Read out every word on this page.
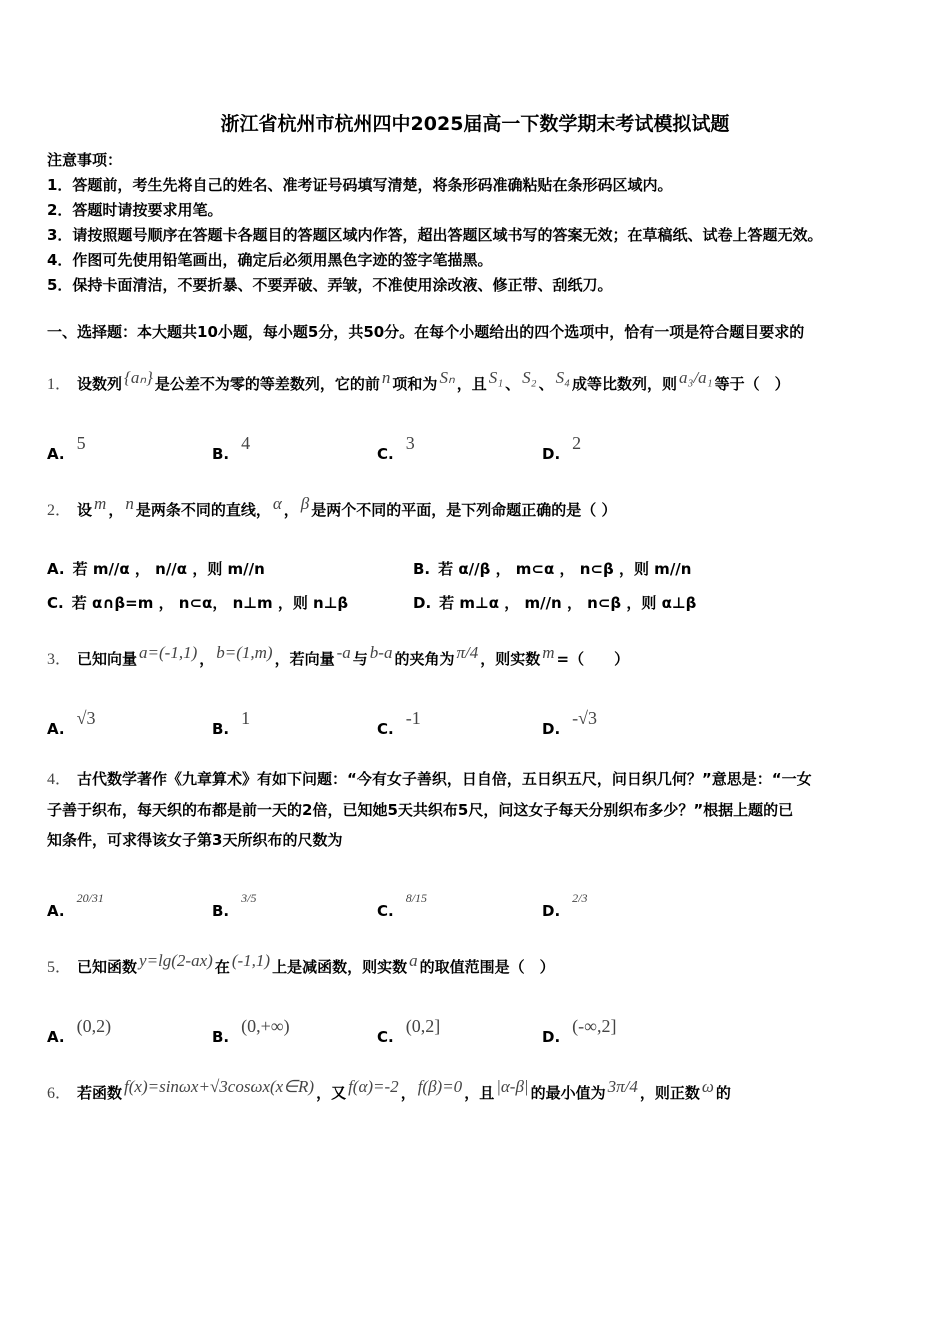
浙江省杭州市杭州四中2025届高一下数学期末考试模拟试题
注意事项：
1．答题前，考生先将自己的姓名、准考证号码填写清楚，将条形码准确粘贴在条形码区域内。
2．答题时请按要求用笔。
3．请按照题号顺序在答题卡各题目的答题区域内作答，超出答题区域书写的答案无效；在草稿纸、试卷上答题无效。
4．作图可先使用铅笔画出，确定后必须用黑色字迹的签字笔描黑。
5．保持卡面清洁，不要折暴、不要弄破、弄皱，不准使用涂改液、修正带、刮纸刀。
一、选择题：本大题共10小题，每小题5分，共50分。在每个小题给出的四个选项中，恰有一项是符合题目要求的
1． 设数列 {aₙ} 是公差不为零的等差数列，它的前 n 项和为 Sₙ ，且 S₁ 、 S₂ 、 S₄ 成等比数列，则 a₃/a₁ 等于（　）
A.5
B.4
C.3
D.2
2． 设 m ， n 是两条不同的直线， α ， β 是两个不同的平面，是下列命题正确的是（ ）
A. 若 m//α ， n//α ，则 m//n	B. 若 α//β ， m⊂α ， n⊂β ，则 m//n
C. 若 α∩β=m ， n⊂α， n⊥m ，则 n⊥β	D. 若 m⊥α ， m//n ， n⊂β ，则 α⊥β
3． 已知向量 a=(-1,1) ， b=(1,m) ，若向量 -a 与 b-a 的夹角为 π/4 ，则实数 m =（　　）
A.√3
B.1
C.-1
D.-√3
4． 古代数学著作《九章算术》有如下问题：“今有女子善织，日自倍，五日织五尺，问日织几何？”意思是：“一女
子善于织布，每天织的布都是前一天的2倍，已知她5天共织布5尺，问这女子每天分别织布多少？”根据上题的已
知条件，可求得该女子第3天所织布的尺数为
A.$^{20/31}$
B.$^{3/5}$
C.$^{8/15}$
D.$^{2/3}$
5． 已知函数 y=lg(2-ax) 在 (-1,1) 上是减函数，则实数 a 的取值范围是（　）
A.(0,2)
B.(0,+∞)
C.(0,2]
D.(-∞,2]
6． 若函数 f(x)=sinωx+√3cosωx(x∈R) ，又 f(α)=-2 ， f(β)=0 ，且 |α-β| 的最小值为 3π/4 ，则正数 ω 的
